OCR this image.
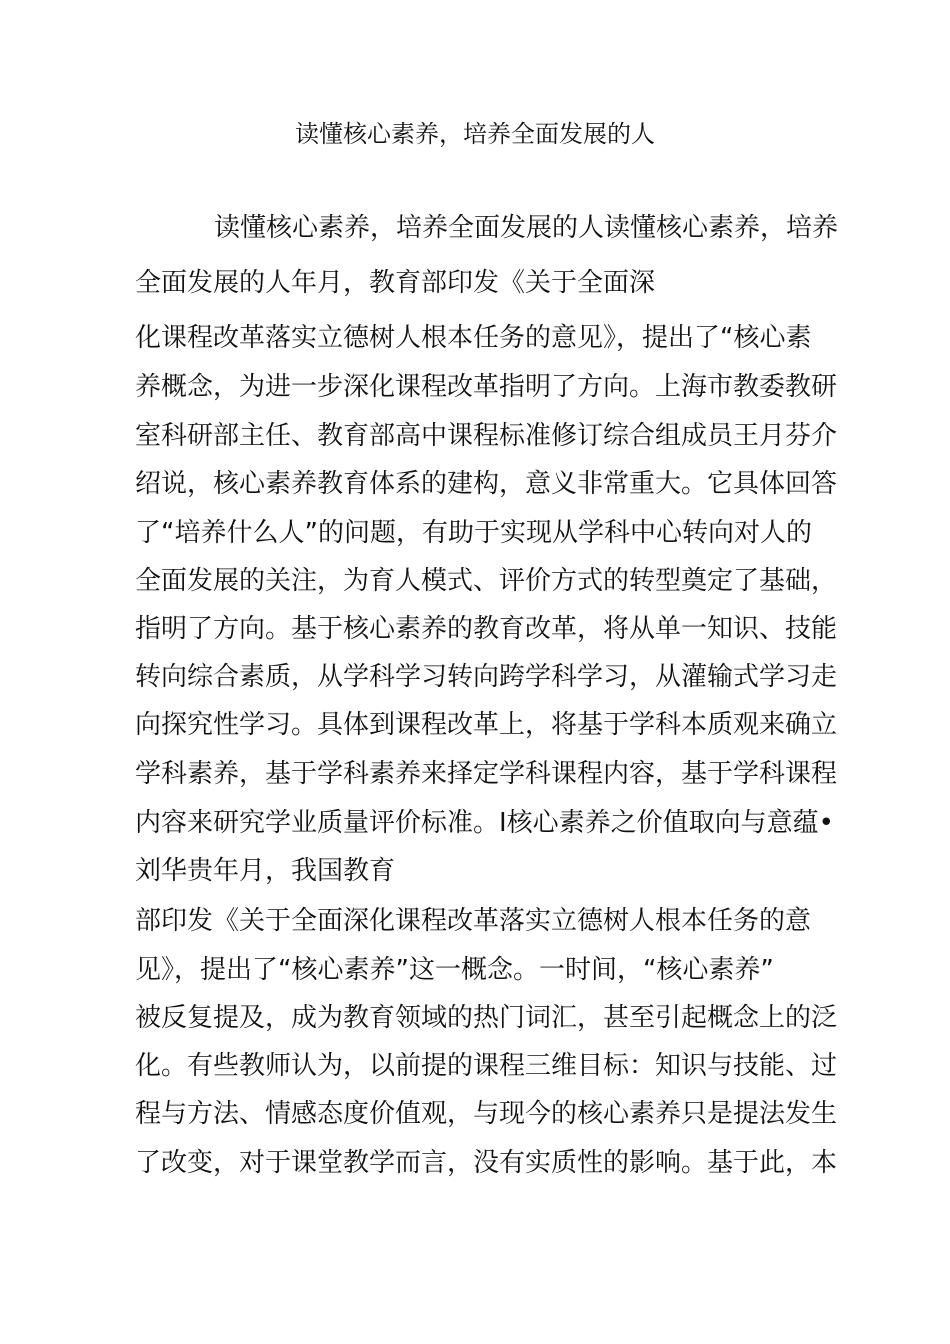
读懂核心素养，培养全面发展的人
读懂核心素养，培养全面发展的人读懂核心素养，培养
全面发展的人年月，教育部印发《关于全面深
化课程改革落实立德树人根本任务的意见》，提出了“核心素
养概念，为进一步深化课程改革指明了方向。上海市教委教研
室科研部主任、教育部高中课程标准修订综合组成员王月芬介
绍说，核心素养教育体系的建构，意义非常重大。它具体回答
了“培养什么人”的问题，有助于实现从学科中心转向对人的
全面发展的关注，为育人模式、评价方式的转型奠定了基础，
指明了方向。基于核心素养的教育改革，将从单一知识、技能
转向综合素质，从学科学习转向跨学科学习，从灌输式学习走
向探究性学习。具体到课程改革上，将基于学科本质观来确立
学科素养，基于学科素养来择定学科课程内容，基于学科课程
内容来研究学业质量评价标准。I核心素养之价值取向与意蕴•
刘华贵年月，我国教育
部印发《关于全面深化课程改革落实立德树人根本任务的意
见》，提出了“核心素养”这一概念。一时间，“核心素养”
被反复提及，成为教育领域的热门词汇，甚至引起概念上的泛
化。有些教师认为，以前提的课程三维目标：知识与技能、过
程与方法、情感态度价值观，与现今的核心素养只是提法发生
了改变，对于课堂教学而言，没有实质性的影响。基于此，本
